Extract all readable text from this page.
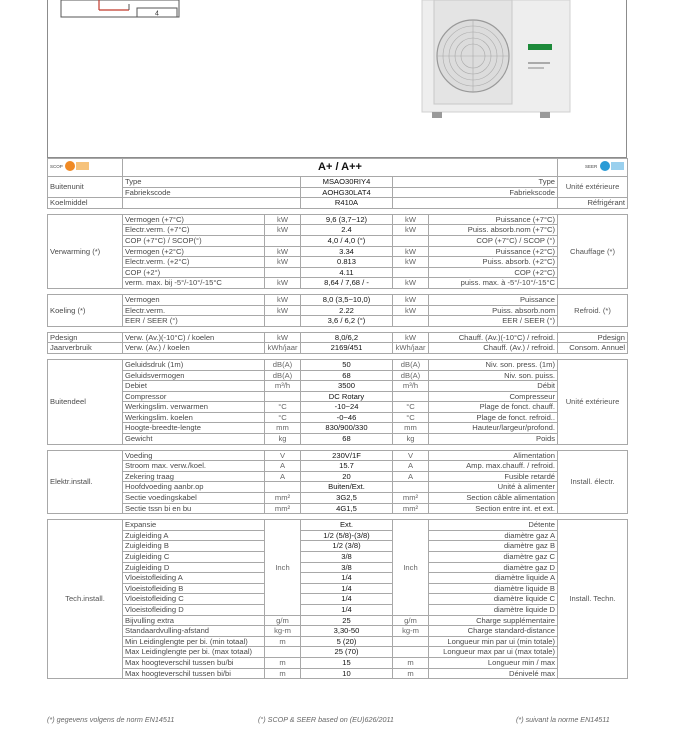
4
SCOP	A+ / A++					SEER

Buitenunit	Type		MSAO30RIY4	Type		Unité extérieure
	Fabriekscode		AOHG30LAT4	Fabriekscode		
Koelmiddel			R410A			Réfrigérant

Verwarming (*)	Vermogen (+7°C)	kW	9,6 (3,7~12)	kW	Puissance (+7°C)	Chauffage (*)
	Electr.verm. (+7°C)	kW	2.4	kW	Puiss. absorb.nom (+7°C)	
	COP (+7°C) / SCOP(°)		4,0 / 4,0 (°)		COP (+7°C) / SCOP (°)	
	Vermogen (+2°C)	kW	3.34	kW	Puissance (+2°C)	
	Electr.verm. (+2°C)	kW	0.813	kW	Puiss. absorb. (+2°C)	
	COP (+2°)		4.11		COP (+2°C)	
	verm. max. bij -5°/-10°/-15°C	kW	8,64 / 7,68 / -	kW	puiss. max. à -5°/-10°/-15°C	

Koeling (*)	Vermogen	kW	8,0 (3,5~10,0)	kW	Puissance	Refroid. (*)
	Electr.verm.	kW	2.22	kW	Puiss. absorb.nom	
	EER / SEER (°)		3,6 / 6,2 (°)		EER / SEER (°)	

Pdesign	Verw. (Av.)(-10°C) / koelen	kW	8,0/6,2	kW	Chauff. (Av.)(-10°C) / refroid.	Pdesign
Jaarverbruik	Verw. (Av.) / koelen	kWh/jaar	2169/451	kWh/jaar	Chauff. (Av.) / refroid.	Consom. Annuel

Buitendeel	Geluidsdruk (1m)	dB(A)	50	dB(A)	Niv. son. press. (1m)	Unité extérieure
	Geluidsvermogen	dB(A)	68	dB(A)	Niv. son. puiss.	
	Debiet	m³/h	3500	m³/h	Débit	
	Compressor		DC Rotary		Compresseur	
	Werkingslim. verwarmen	°C	-10~24	°C	Plage de fonct. chauff.	
	Werkingslim. koelen	°C	-0~46	°C	Plage de fonct. refroid..	
	Hoogte-breedte-lengte	mm	830/900/330	mm	Hauteur/largeur/profond.	
	Gewicht	kg	68	kg	Poids	

Elektr.install.	Voeding	V	230V/1F	V	Alimentation	Install. électr.
	Stroom max. verw./koel.	A	15.7	A	Amp. max.chauff. / refroid.	
	Zekering traag	A	20	A	Fusible retardé	
	Hoofdvoeding aanbr.op		Buiten/Ext.		Unité à alimenter	
	Sectie voedingskabel	mm²	3G2,5	mm²	Section câble alimentation	
	Sectie tssn bi en bu	mm²	4G1,5	mm²	Section entre int. et ext.	

Tech.install.	Expansie	Inch	Ext.	Inch	Détente	Install. Techn.
	Zuigleiding A		1/2 (5/8)-(3/8)		diamètre gaz A	
	Zuigleiding B		1/2 (3/8)		diamètre gaz B	
	Zuigleiding C		3/8		diamètre gaz C	
	Zuigleiding D		3/8		diamètre gaz D	
	Vloeistofleiding A		1/4		diamètre liquide A	
	Vloeistofleiding B		1/4		diamètre liquide B	
	Vloeistofleiding C		1/4		diamètre liquide C	
	Vloeistofleiding D		1/4		diamètre liquide D	
	Bijvulling extra	g/m	25	g/m	Charge supplémentaire	
	Standaardvulling-afstand	kg-m	3,30-50	kg-m	Charge standard-distance	
	Min Leidinglengte per bi. (min totaal)	m	5 (20)		Longueur min par ui (min totale)	
	Max Leidinglengte per bi. (max totaal)		25 (70)		Longueur max par ui (max totale)	
	Max hoogteverschil tussen bu/bi	m	15	m	Longueur min / max	
	Max hoogteverschil tussen bi/bi	m	10	m	Dénivelé max	
(*) gegevens volgens de norm EN14511	(°) SCOP & SEER based on (EU)626/2011	(*) suivant la norme EN14511
